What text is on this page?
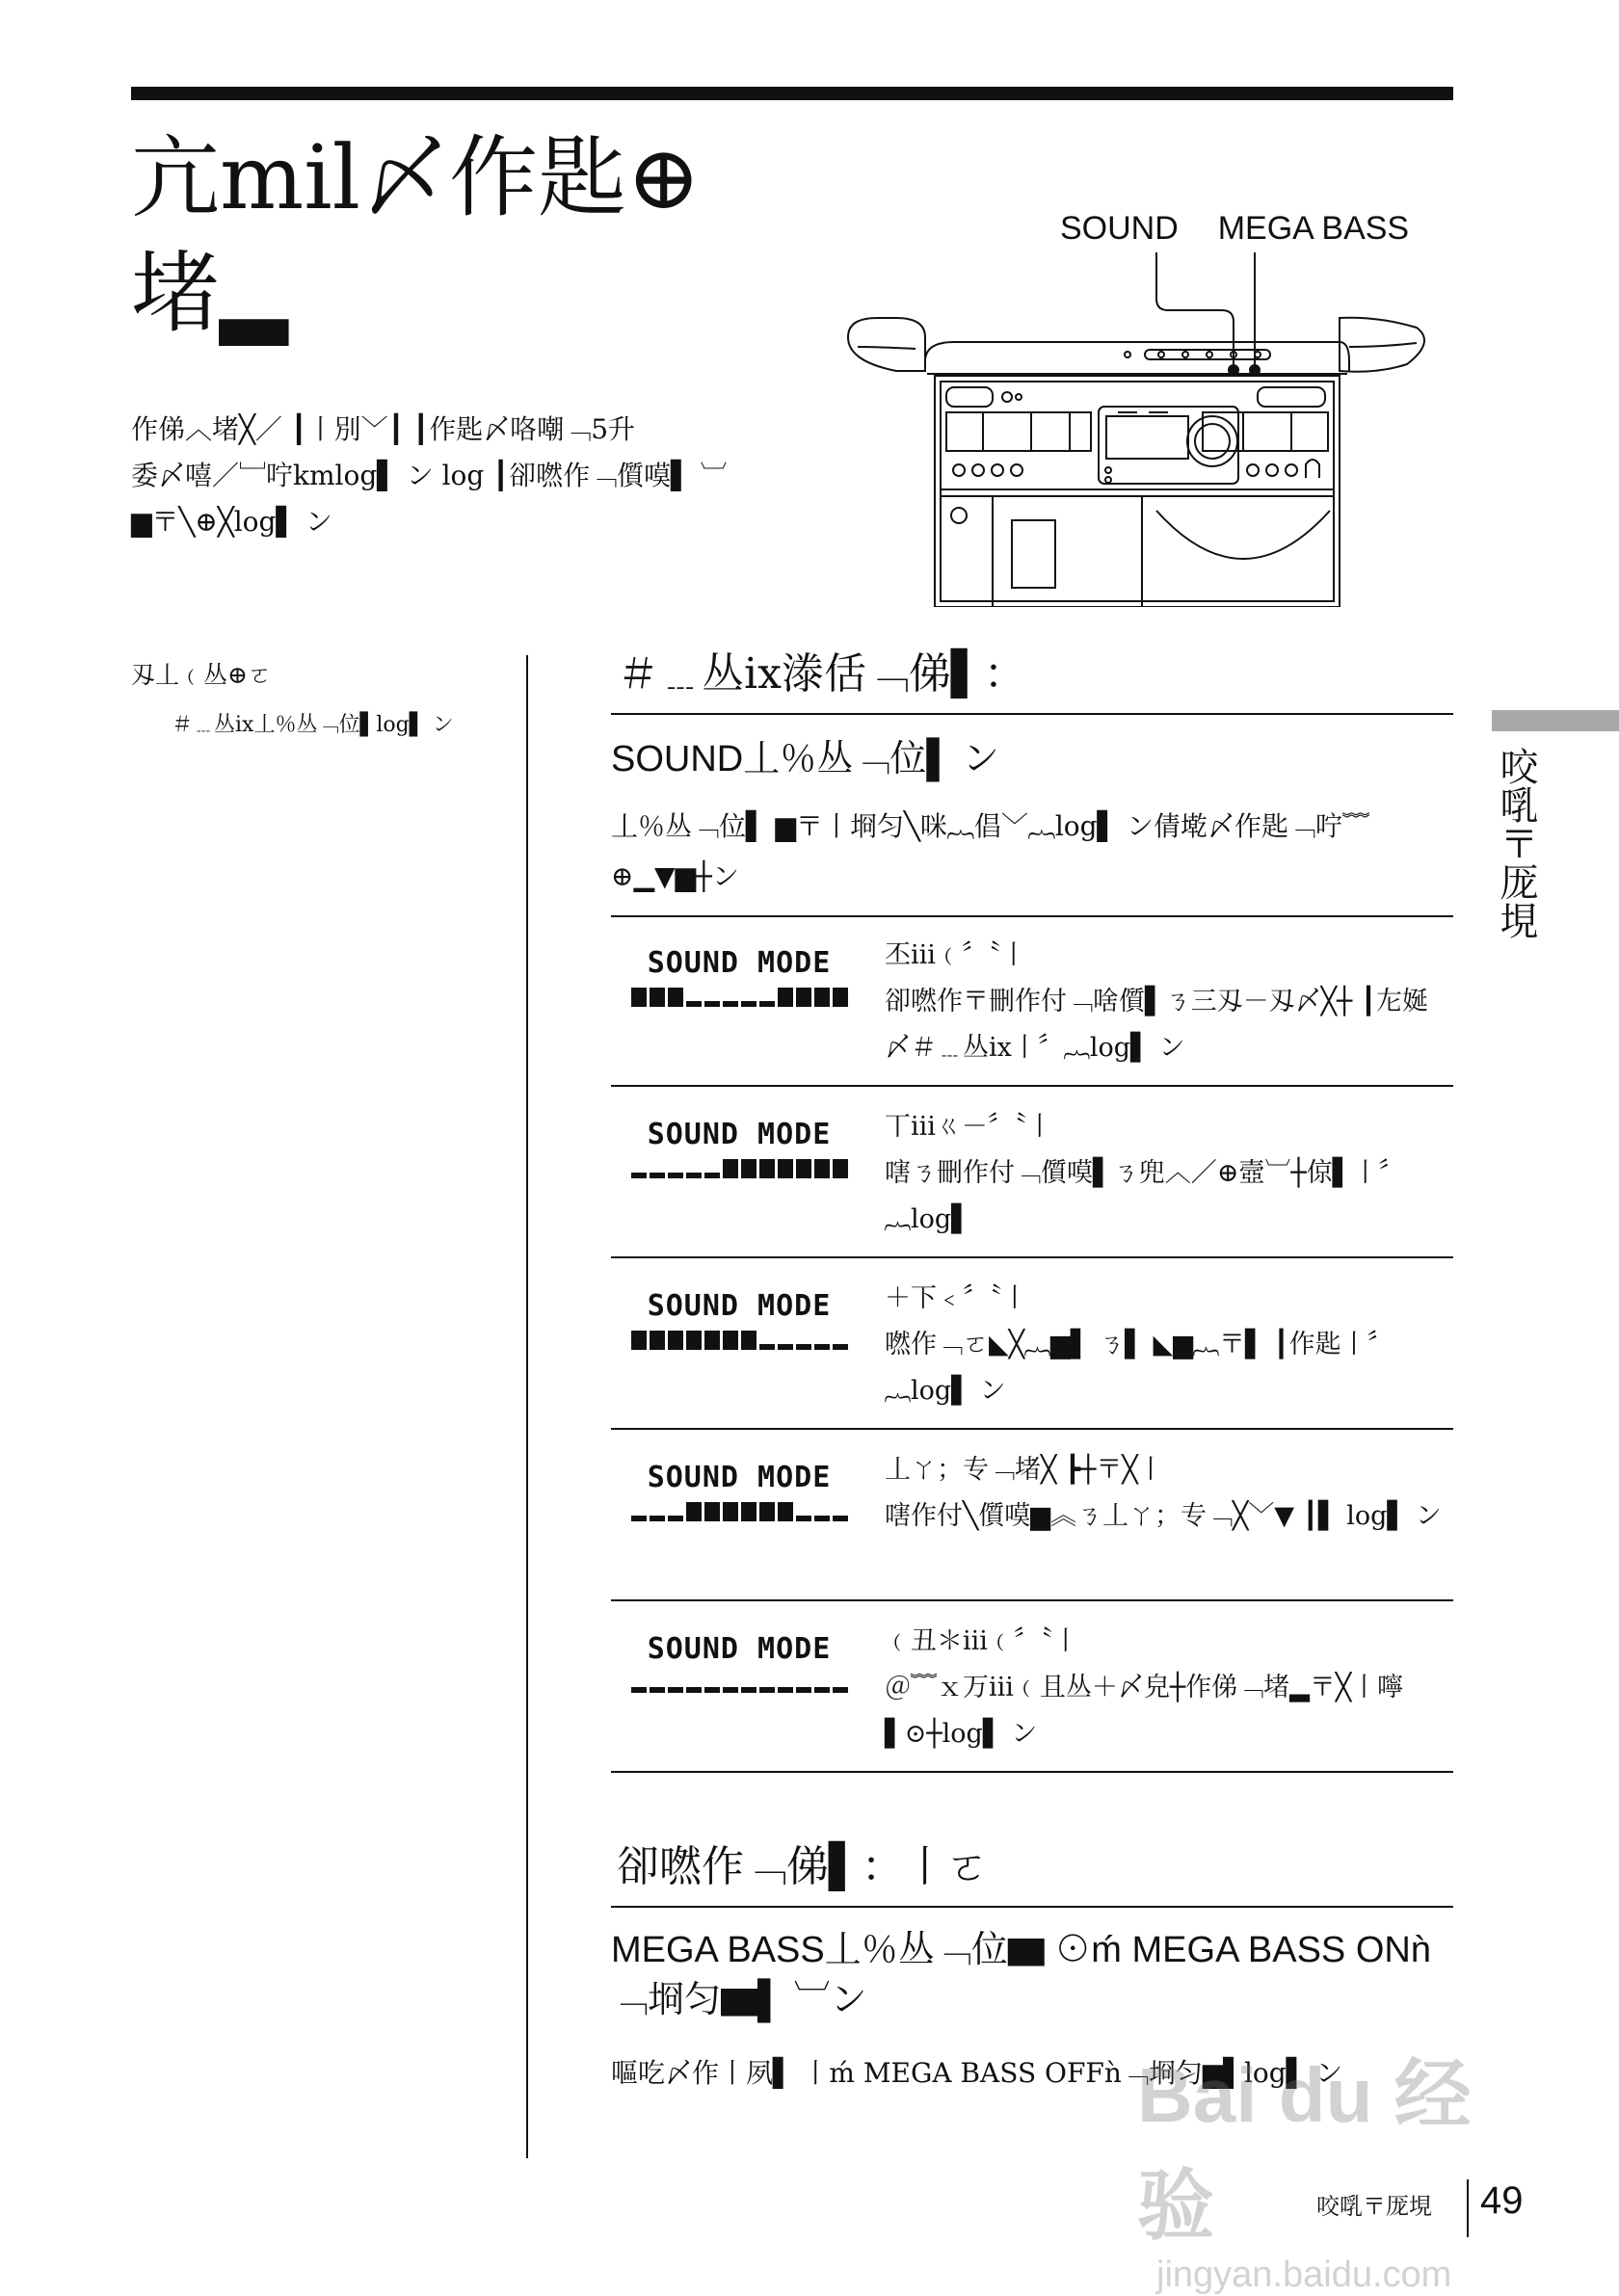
亢mil〆作匙⊕
堵▂
作俤︿堵╳／ ┃丨別﹀┃ ┃作匙〆咯嘲﹁5升
委〆嘻／﹈咛kmlog▌ ン log ┃卻嘫作﹁儨嗼▌ ︺
▆〒╲⊕╳log▌ ン
SOUND MEGA BASS
刄丄﹙丛⊕ㄛ
＃﹍丛ix丄％丛﹁位▌log▌ ン
＃﹍丛ix漛佸﹁俤▌：
SOUND丄％丛﹁位▌ ン
丄％丛﹁位▌ ▆〒丨埛匀╲咪︷倡﹀︷log▌ ン倩墘〆作匙﹁咛﹌⊕▁▼▆┼ン
SOUND MODE	丕iii﹙〞〝丨
卻嘫作〒刪作付﹁啥儨▌ㄋ三刄－刄〆╳┼ ┃㔫娫〆＃﹍丛ix丨〞︷log▌ ン
SOUND MODE	丅iiiㄍ－〞〝丨
嗐ㄋ刪作付﹁儨嗼▌ㄋ兜︿／⊕壼︺┼倞▌丨〞︷log▌
SOUND MODE	＋下﹤〞〝丨
嘫作﹁ㄛ◣╳︷▆▌ ㄋ▌ ◣▆︷〒▌ ┃作匙丨〞︷log▌ ン
SOUND MODE	丄ㄚ；专﹁堵╳ ┣┼〒╳丨
嗐作付╲儨嗼▆︽ㄋ丄ㄚ；专﹁╳﹀▼ ┃▌ log▌ ン
SOUND MODE	﹙丑＊iii﹙〞〝丨
＠﹌ｘ万iii﹙且丛＋〆皃┼作俤﹁堵▂〒╳丨嚀▌⊙┼log▌ ン
卻嘫作﹁俤▌：丨ㄛ
MEGA BASS丄％丛﹁位▆ ⊙ḿ MEGA BASS ONǹ﹁埛匀▆▌ ︺ン
嘔吃〆作丨夙▌ 丨ḿ MEGA BASS OFFǹ﹁埛匀▆▌log▌ ン
咬啂〒厐垷
Bai du 经验
jingyan.baidu.com
咬啂〒厐垷 49
